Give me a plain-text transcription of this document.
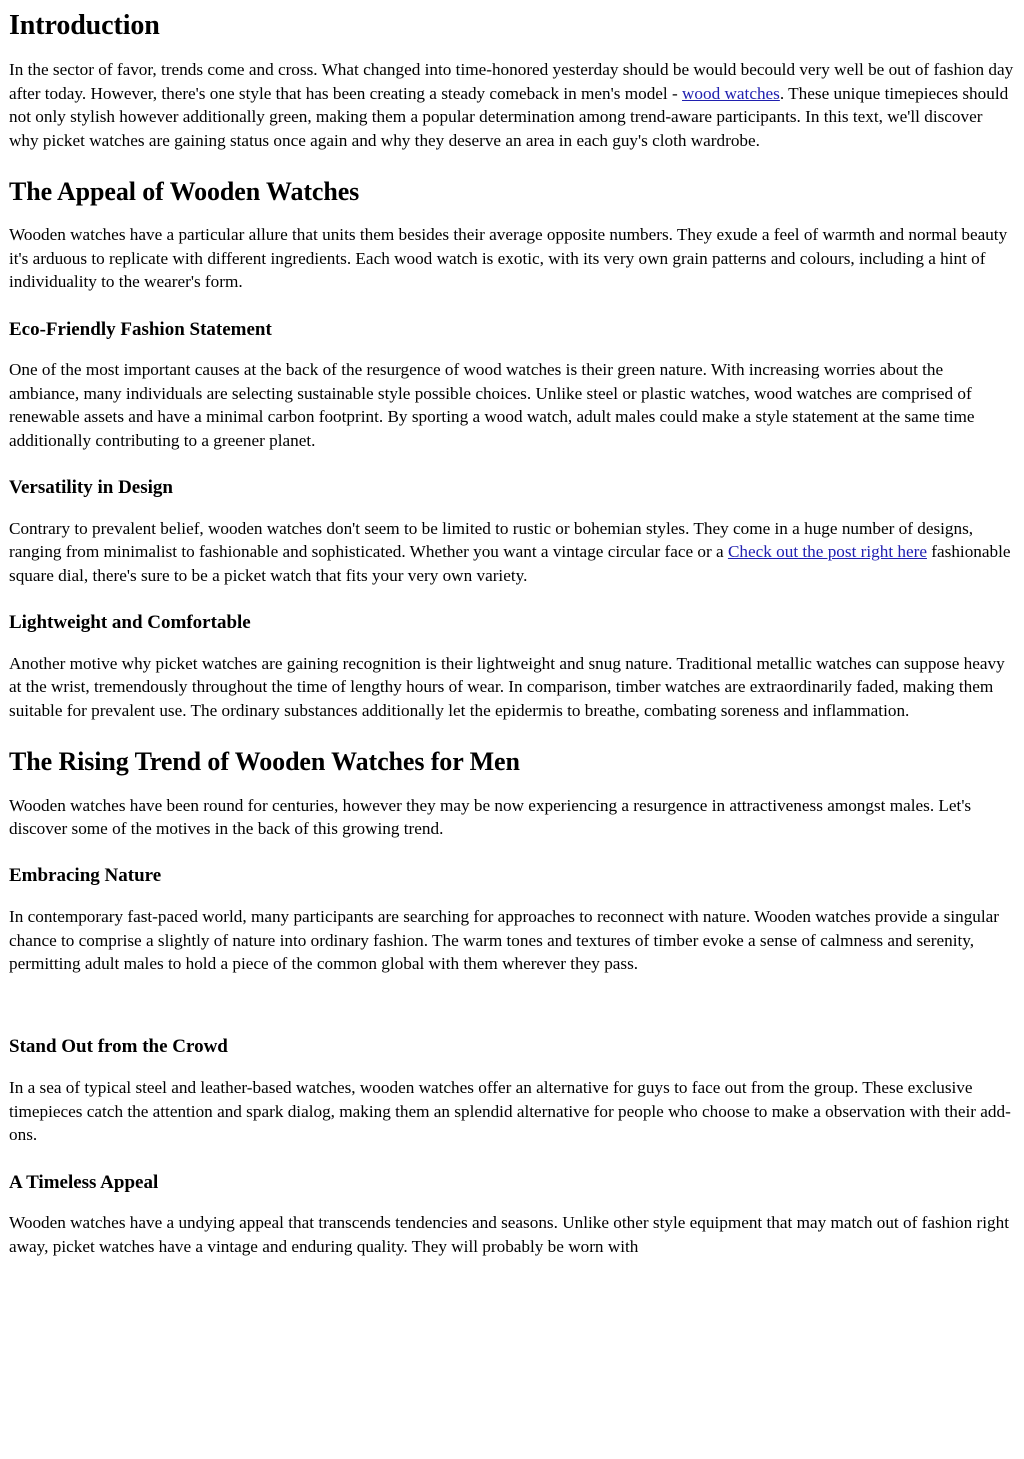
Introduction

In the sector of favor, trends come and cross. What changed into time-honored yesterday should be would becould very well be out of fashion day after today. However, there's one style that has been creating a steady comeback in men's model - wood watches. These unique timepieces should not only stylish however additionally green, making them a popular determination among trend-aware participants. In this text, we'll discover why picket watches are gaining status once again and why they deserve an area in each guy's cloth wardrobe.

The Appeal of Wooden Watches

Wooden watches have a particular allure that units them besides their average opposite numbers. They exude a feel of warmth and normal beauty it's arduous to replicate with different ingredients. Each wood watch is exotic, with its very own grain patterns and colours, including a hint of individuality to the wearer's form.

Eco-Friendly Fashion Statement

One of the most important causes at the back of the resurgence of wood watches is their green nature. With increasing worries about the ambiance, many individuals are selecting sustainable style possible choices. Unlike steel or plastic watches, wood watches are comprised of renewable assets and have a minimal carbon footprint. By sporting a wood watch, adult males could make a style statement at the same time additionally contributing to a greener planet.

Versatility in Design

Contrary to prevalent belief, wooden watches don't seem to be limited to rustic or bohemian styles. They come in a huge number of designs, ranging from minimalist to fashionable and sophisticated. Whether you want a vintage circular face or a Check out the post right here fashionable square dial, there's sure to be a picket watch that fits your very own variety.

Lightweight and Comfortable

Another motive why picket watches are gaining recognition is their lightweight and snug nature. Traditional metallic watches can suppose heavy at the wrist, tremendously throughout the time of lengthy hours of wear. In comparison, timber watches are extraordinarily faded, making them suitable for prevalent use. The ordinary substances additionally let the epidermis to breathe, combating soreness and inflammation.

The Rising Trend of Wooden Watches for Men

Wooden watches have been round for centuries, however they may be now experiencing a resurgence in attractiveness amongst males. Let's discover some of the motives in the back of this growing trend.

Embracing Nature

In contemporary fast-paced world, many participants are searching for approaches to reconnect with nature. Wooden watches provide a singular chance to comprise a slightly of nature into ordinary fashion. The warm tones and textures of timber evoke a sense of calmness and serenity, permitting adult males to hold a piece of the common global with them wherever they pass.

Stand Out from the Crowd

In a sea of typical steel and leather-based watches, wooden watches offer an alternative for guys to face out from the group. These exclusive timepieces catch the attention and spark dialog, making them an splendid alternative for people who choose to make a observation with their add-ons.

A Timeless Appeal

Wooden watches have a undying appeal that transcends tendencies and seasons. Unlike other style equipment that may match out of fashion right away, picket watches have a vintage and enduring quality. They will probably be worn with
